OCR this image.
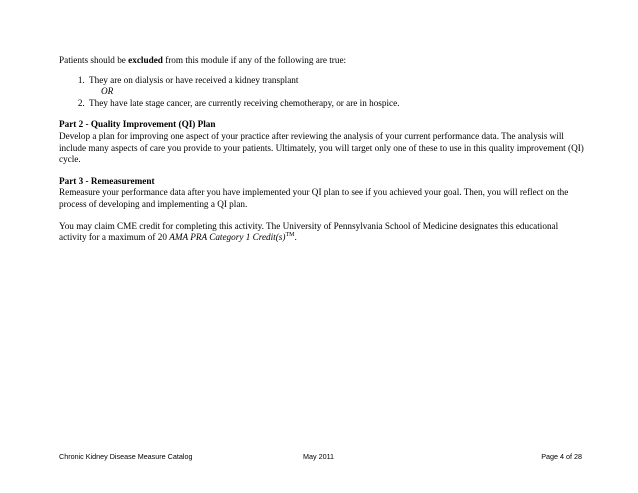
Patients should be excluded from this module if any of the following are true:

1. They are on dialysis or have received a kidney transplant

OR

2. They have late stage cancer, are currently receiving chemotherapy, or are in hospice.

Part 2 - Quality Improvement (QI) Plan

Develop a plan for improving one aspect of your practice after reviewing the analysis of your current performance data. The analysis will include many aspects of care you provide to your patients. Ultimately, you will target only one of these to use in this quality improvement (QI) cycle.

Part 3 - Remeasurement

Remeasure your performance data after you have implemented your QI plan to see if you achieved your goal. Then, you will reflect on the process of developing and implementing a QI plan.

You may claim CME credit for completing this activity. The University of Pennsylvania School of Medicine designates this educational activity for a maximum of 20 AMA PRA Category 1 Credit(s)™.

Chronic Kidney Disease Measure Catalog	May 2011	Page 4 of 28
